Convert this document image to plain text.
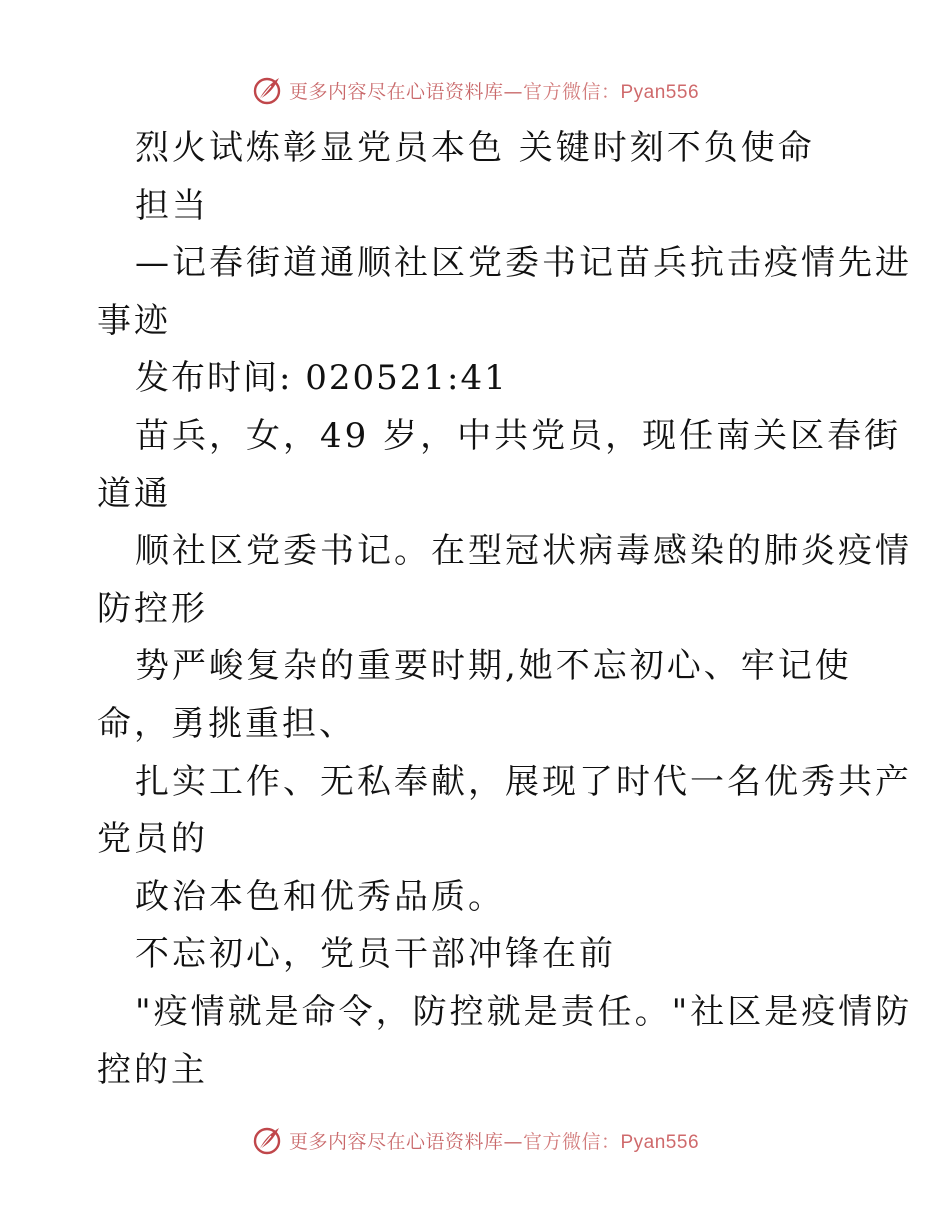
更多内容尽在心语资料库—官方微信：Pyan556
烈火试炼彰显党员本色 关键时刻不负使命
担当
—记春街道通顺社区党委书记苗兵抗击疫情先进
事迹
发布时间: 020521:41
苗兵，女，49 岁，中共党员，现任南关区春街
道通
顺社区党委书记。在型冠状病毒感染的肺炎疫情
防控形
势严峻复杂的重要时期,她不忘初心、牢记使
命，勇挑重担、
扎实工作、无私奉献，展现了时代一名优秀共产
党员的
政治本色和优秀品质。
不忘初心，党员干部冲锋在前
"疫情就是命令，防控就是责任。"社区是疫情防
控的主
更多内容尽在心语资料库—官方微信：Pyan556
